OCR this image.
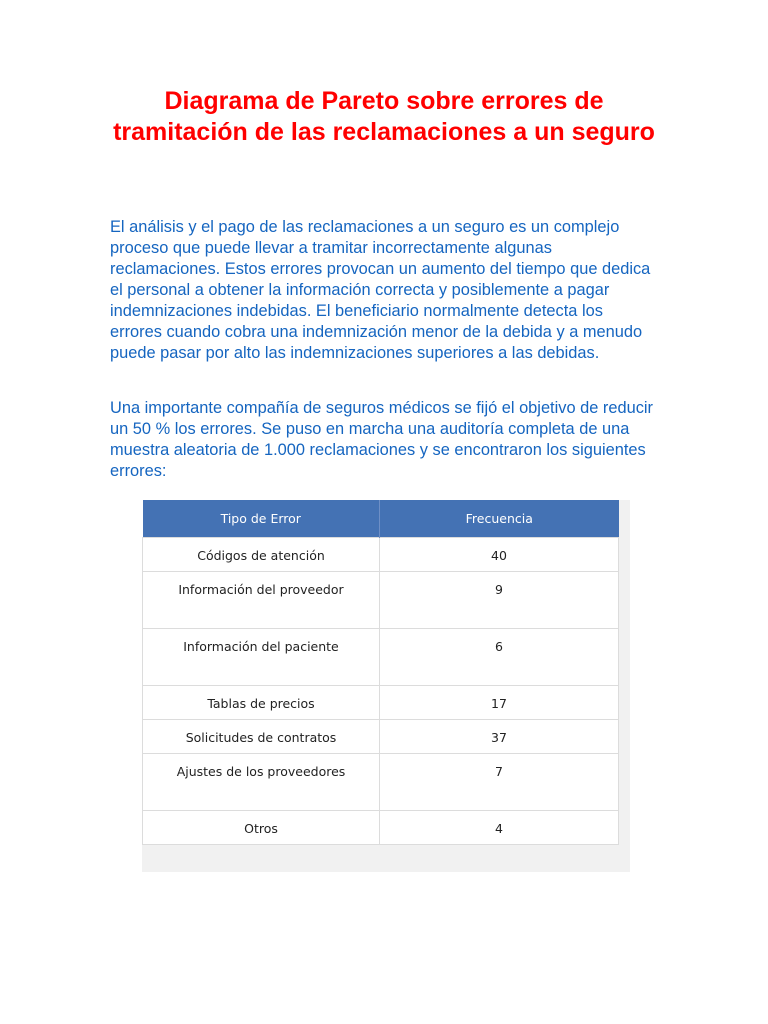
Diagrama de Pareto sobre errores de tramitación de las reclamaciones a un seguro

El análisis y el pago de las reclamaciones a un seguro es un complejo proceso que puede llevar a tramitar incorrectamente algunas reclamaciones. Estos errores provocan un aumento del tiempo que dedica el personal a obtener la información correcta y posiblemente a pagar indemnizaciones indebidas. El beneficiario normalmente detecta los errores cuando cobra una indemnización menor de la debida y a menudo puede pasar por alto las indemnizaciones superiores a las debidas.

Una importante compañía de seguros médicos se fijó el objetivo de reducir un 50 % los errores. Se puso en marcha una auditoría completa de una muestra aleatoria de 1.000 reclamaciones y se encontraron los siguientes errores:

Tipo de Error	Frecuencia
Códigos de atención	40
Información del proveedor	9
Información del paciente	6
Tablas de precios	17
Solicitudes de contratos	37
Ajustes de los proveedores	7
Otros	4
